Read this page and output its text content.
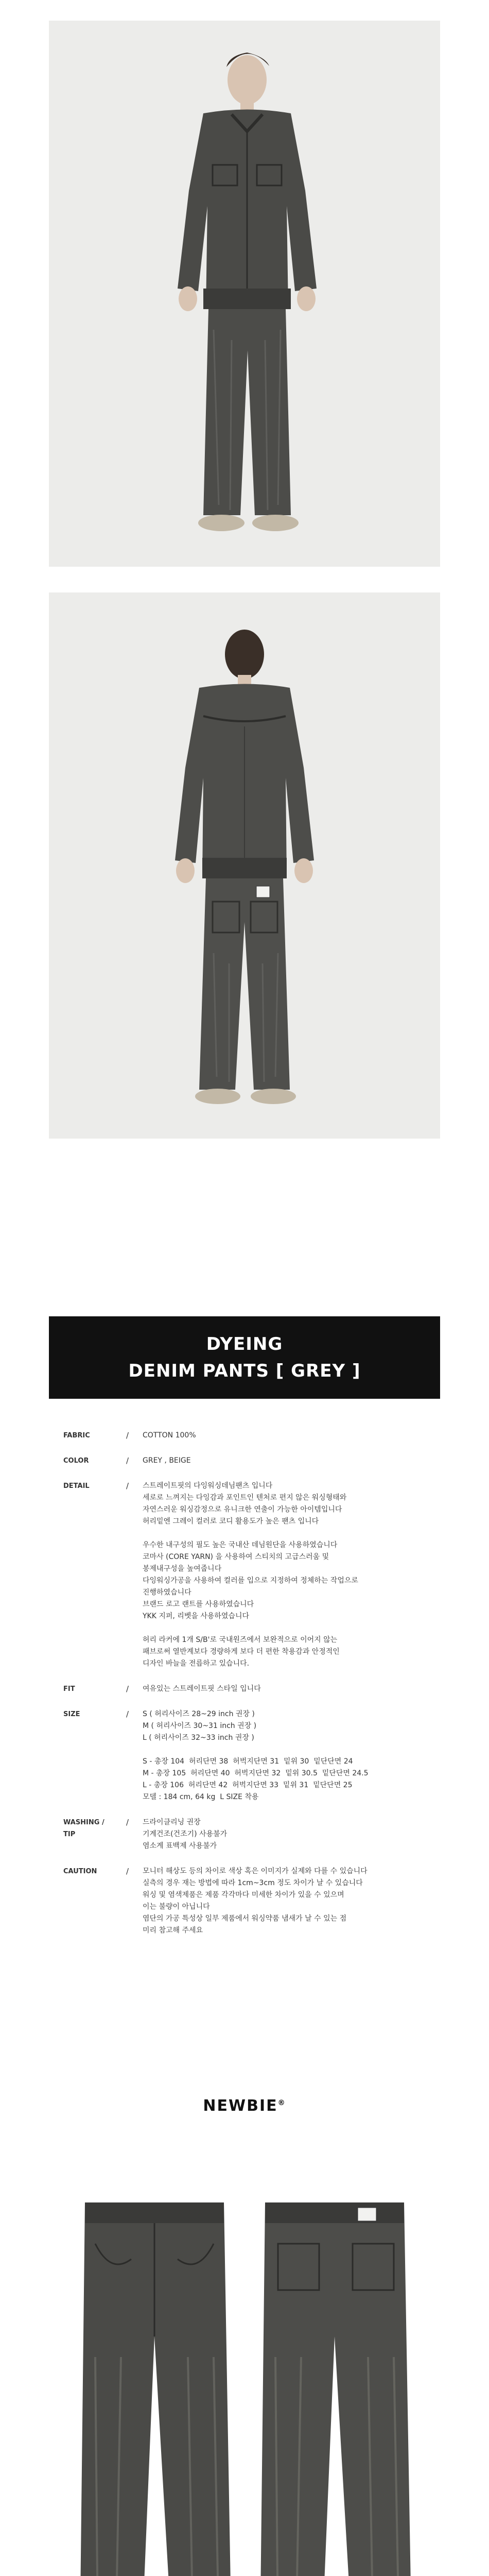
DYEING
DENIM PANTS [ GREY ]
FABRIC	/ COTTON 100%
COLOR	/ GREY , BEIGE
DETAIL	/ 스트레이트핏의 다잉워싱데님팬츠 입니다
세로로 느껴지는 다잉감과 포인트인 텐처로 편지 않은 워싱형태와
자연스러운 워싱감정으로 유니크한 연출이 가능한 아이템입니다
허리밑엔 그레이 컬러로 코디 활용도가 높은 팬츠 입니다

우수한 내구성의 필도 높은 국내산 데님원단을 사용하였습니다
코마사 (CORE YARN) 을 사용하여 스티치의 고급스러움 및
봉제내구성을 높여줍니다
다잉워싱가공을 사용하여 컬러를 입으로 지정하여 정체하는 작업으로
진행하였습니다
브랜드 로고 랜트를 사용하였습니다
YKK 지퍼, 리벳을 사용하였습니다

허리 라커에 1개 S/B'로 국내원즈에서 보완적으로 이어지 않는
패브로써 열반계보다 경량하게 보다 더 편한 착용감과 안정적인
디자인 바늘을 전릅하고 있습니다.
FIT	/ 여유있는 스트레이트핏 스타일 입니다
SIZE	/ S ( 허리사이즈 28~29 inch 권장 )
M ( 허리사이즈 30~31 inch 권장 )
L ( 허리사이즈 32~33 inch 권장 )

S - 총장 104  허리단면 38  허벅지단면 31  밑위 30  밑단단면 24
M - 총장 105  허리단면 40  허벅지단면 32  밑위 30.5  밑단단면 24.5
L - 총장 106  허리단면 42  허벅지단면 33  밑위 31  밑단단면 25
모델 : 184 cm, 64 kg  L SIZE 착용
WASHING /
TIP
/ 드라이클리닝 권장
기계건조(건조기) 사용불가
염소계 표백제 사용불가
CAUTION	/ 모니터 해상도 등의 차이로 색상 혹은 이미지가 실제와 다를 수 있습니다
실측의 경우 재는 방법에 따라 1cm~3cm 정도 차이가 날 수 있습니다
워싱 및 염색제품은 제품 각각마다 미세한 차이가 있을 수 있으며
이는 불량이 아닙니다
염단의 가공 특성상 일부 제품에서 워싱약품 냄새가 날 수 있는 점
미리 참고해 주세요
NEWBIE®
